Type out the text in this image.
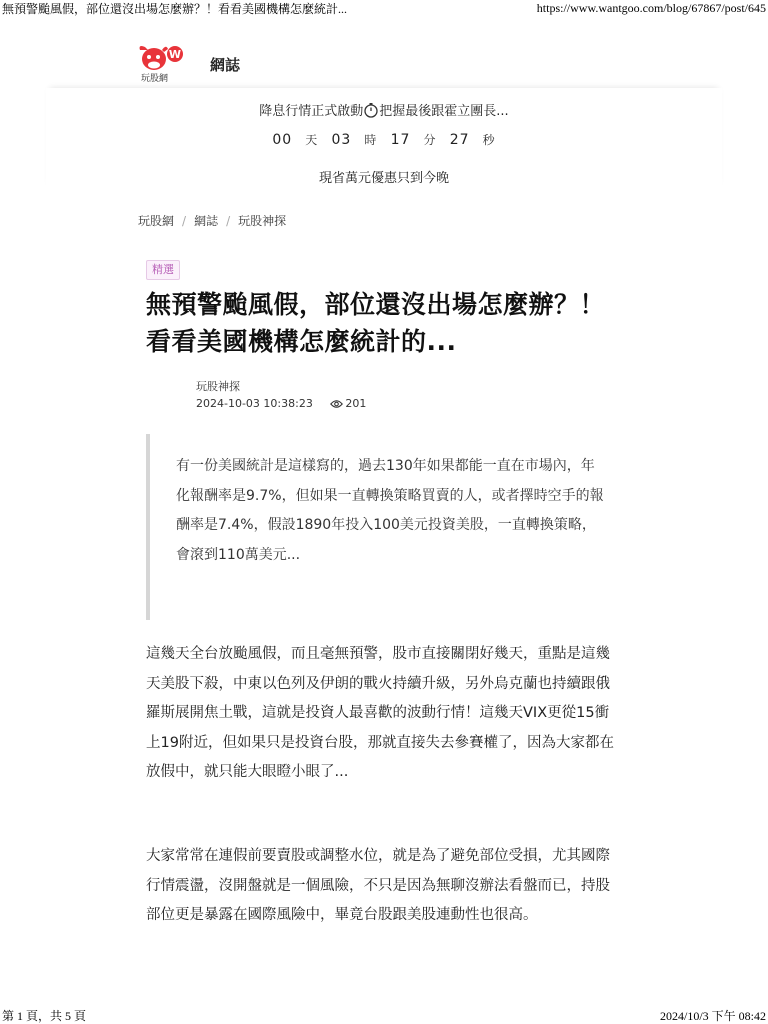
無預警颱風假，部位還沒出場怎麼辦？！看看美國機構怎麼統計...	https://www.wantgoo.com/blog/67867/post/645
W
玩股網
網誌
降息行情正式啟動 把握最後跟霍立團長...
00 天 03 時 17 分 27 秒
現省萬元優惠只到今晚
玩股網 / 網誌 / 玩股神探
精選
無預警颱風假，部位還沒出場怎麼辦？！看看美國機構怎麼統計的...
玩股神探
2024-10-03 10:38:23	201

有一份美國統計是這樣寫的，過去130年如果都能一直在市場內，年化報酬率是9.7%，但如果一直轉換策略買賣的人，或者擇時空手的報酬率是7.4%，假設1890年投入100美元投資美股，一直轉換策略，會滾到110萬美元...

這幾天全台放颱風假，而且毫無預警，股市直接關閉好幾天，重點是這幾天美股下殺，中東以色列及伊朗的戰火持續升級，另外烏克蘭也持續跟俄羅斯展開焦土戰，這就是投資人最喜歡的波動行情！這幾天VIX更從15衝上19附近，但如果只是投資台股，那就直接失去參賽權了，因為大家都在放假中，就只能大眼瞪小眼了...

大家常常在連假前要賣股或調整水位，就是為了避免部位受損，尤其國際行情震盪，沒開盤就是一個風險，不只是因為無聊沒辦法看盤而已，持股部位更是暴露在國際風險中，畢竟台股跟美股連動性也很高。

第 1 頁，共 5 頁	2024/10/3 下午 08:42
